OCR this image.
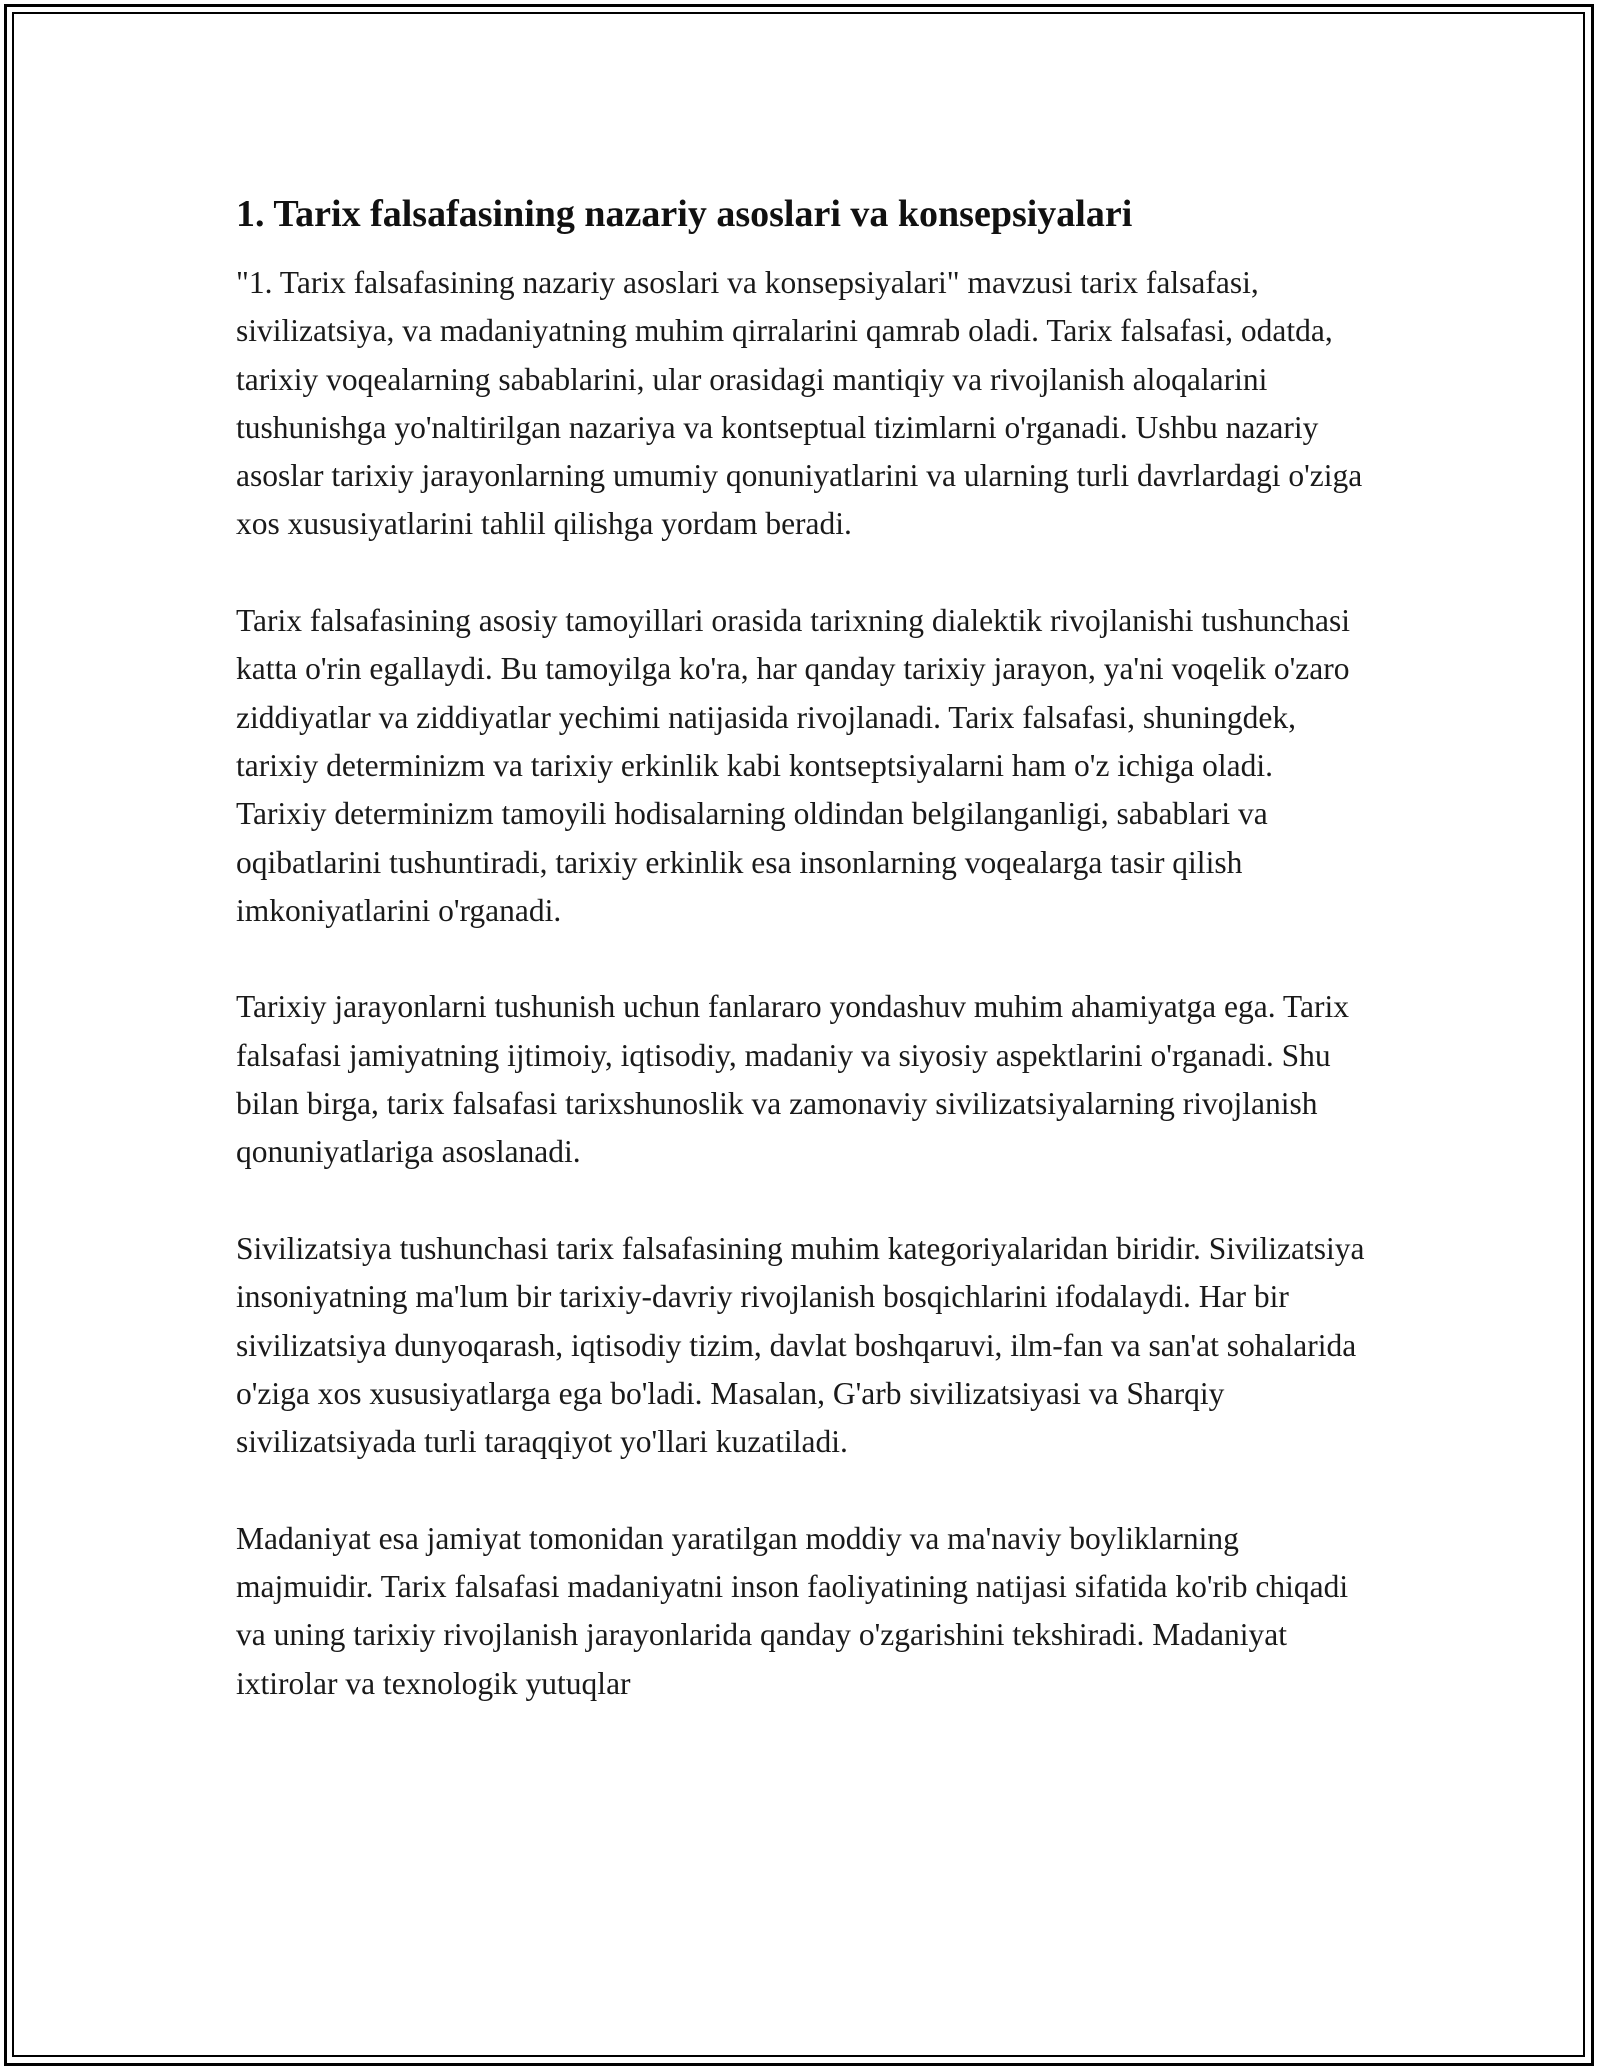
1. Tarix falsafasining nazariy asoslari va konsepsiyalari

"1. Tarix falsafasining nazariy asoslari va konsepsiyalari" mavzusi tarix falsafasi, sivilizatsiya, va madaniyatning muhim qirralarini qamrab oladi. Tarix falsafasi, odatda, tarixiy voqealarning sabablarini, ular orasidagi mantiqiy va rivojlanish aloqalarini tushunishga yo'naltirilgan nazariya va kontseptual tizimlarni o'rganadi. Ushbu nazariy asoslar tarixiy jarayonlarning umumiy qonuniyatlarini va ularning turli davrlardagi o'ziga xos xususiyatlarini tahlil qilishga yordam beradi.

Tarix falsafasining asosiy tamoyillari orasida tarixning dialektik rivojlanishi tushunchasi katta o'rin egallaydi. Bu tamoyilga ko'ra, har qanday tarixiy jarayon, ya'ni voqelik o'zaro ziddiyatlar va ziddiyatlar yechimi natijasida rivojlanadi. Tarix falsafasi, shuningdek, tarixiy determinizm va tarixiy erkinlik kabi kontseptsiyalarni ham o'z ichiga oladi. Tarixiy determinizm tamoyili hodisalarning oldindan belgilanganligi, sabablari va oqibatlarini tushuntiradi, tarixiy erkinlik esa insonlarning voqealarga tasir qilish imkoniyatlarini o'rganadi.

Tarixiy jarayonlarni tushunish uchun fanlararo yondashuv muhim ahamiyatga ega. Tarix falsafasi jamiyatning ijtimoiy, iqtisodiy, madaniy va siyosiy aspektlarini o'rganadi. Shu bilan birga, tarix falsafasi tarixshunoslik va zamonaviy sivilizatsiyalarning rivojlanish qonuniyatlariga asoslanadi.

Sivilizatsiya tushunchasi tarix falsafasining muhim kategoriyalaridan biridir. Sivilizatsiya insoniyatning ma'lum bir tarixiy-davriy rivojlanish bosqichlarini ifodalaydi. Har bir sivilizatsiya dunyoqarash, iqtisodiy tizim, davlat boshqaruvi, ilm-fan va san'at sohalarida o'ziga xos xususiyatlarga ega bo'ladi. Masalan, G'arb sivilizatsiyasi va Sharqiy sivilizatsiyada turli taraqqiyot yo'llari kuzatiladi.

Madaniyat esa jamiyat tomonidan yaratilgan moddiy va ma'naviy boyliklarning majmuidir. Tarix falsafasi madaniyatni inson faoliyatining natijasi sifatida ko'rib chiqadi va uning tarixiy rivojlanish jarayonlarida qanday o'zgarishini tekshiradi. Madaniyat ixtirolar va texnologik yutuqlar
